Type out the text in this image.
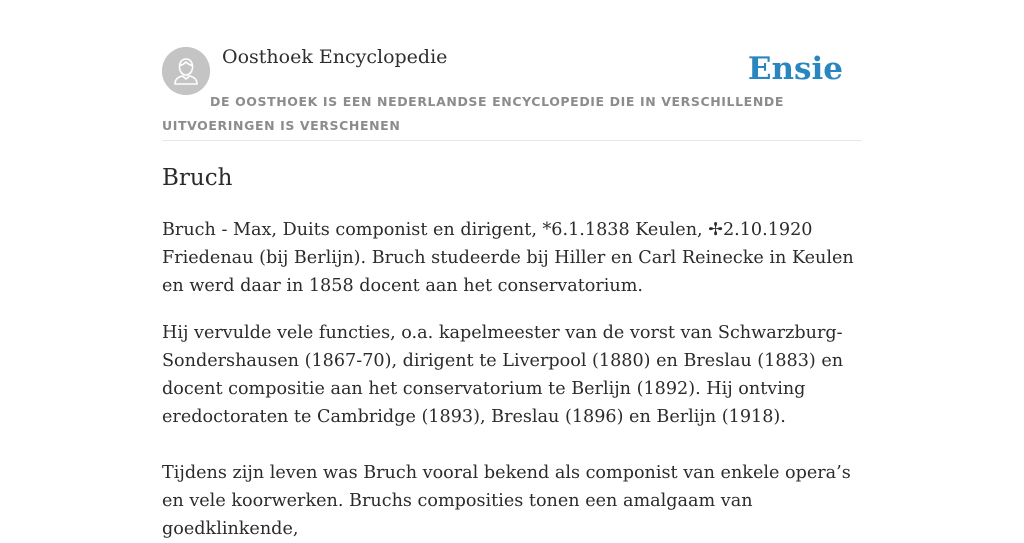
Oosthoek Encyclopedie	Ensie
DE OOSTHOEK IS EEN NEDERLANDSE ENCYCLOPEDIE DIE IN VERSCHILLENDE UITVOERINGEN IS VERSCHENEN
Bruch

Bruch - Max, Duits componist en dirigent, *6.1.1838 Keulen, ✢2.10.1920 Friedenau (bij Berlijn). Bruch studeerde bij Hiller en Carl Reinecke in Keulen en werd daar in 1858 docent aan het conservatorium.

Hij vervulde vele functies, o.a. kapelmeester van de vorst van Schwarzburg-Sondershausen (1867-70), dirigent te Liverpool (1880) en Breslau (1883) en docent compositie aan het conservatorium te Berlijn (1892). Hij ontving eredoctoraten te Cambridge (1893), Breslau (1896) en Berlijn (1918).

Tijdens zijn leven was Bruch vooral bekend als componist van enkele opera’s en vele koorwerken. Bruchs composities tonen een amalgaam van goedklinkende,
